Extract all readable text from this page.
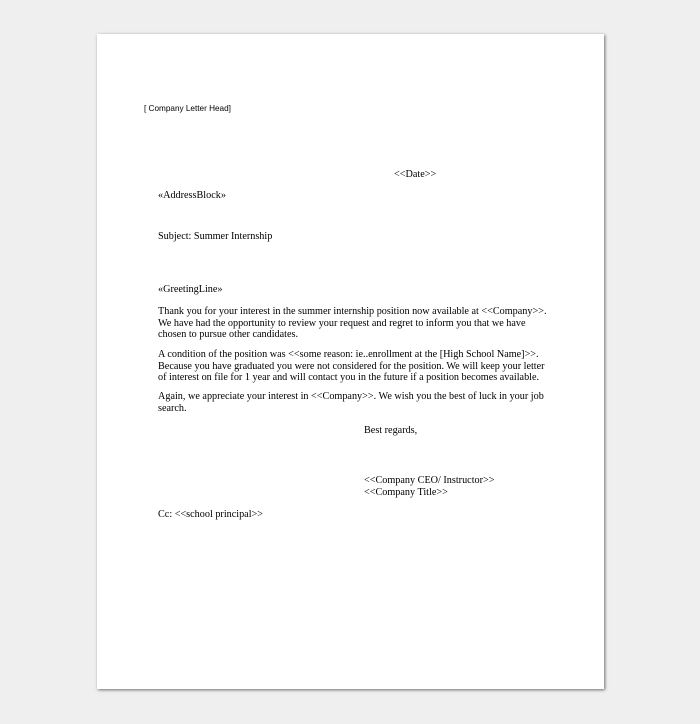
[ Company Letter Head]

<<Date>>

«AddressBlock»

Subject: Summer Internship

«GreetingLine»

Thank you for your interest in the summer internship position now available at <<Company>>.
We have had the opportunity to review your request and regret to inform you that we have
chosen to pursue other candidates.
A condition of the position was <<some reason: ie..enrollment at the [High School Name]>>.
Because you have graduated you were not considered for the position. We will keep your letter
of interest on file for 1 year and will contact you in the future if a position becomes available.
Again, we appreciate your interest in <<Company>>. We wish you the best of luck in your job
search.

Best regards,

<<Company CEO/ Instructor>>

<<Company Title>>

Cc: <<school principal>>
